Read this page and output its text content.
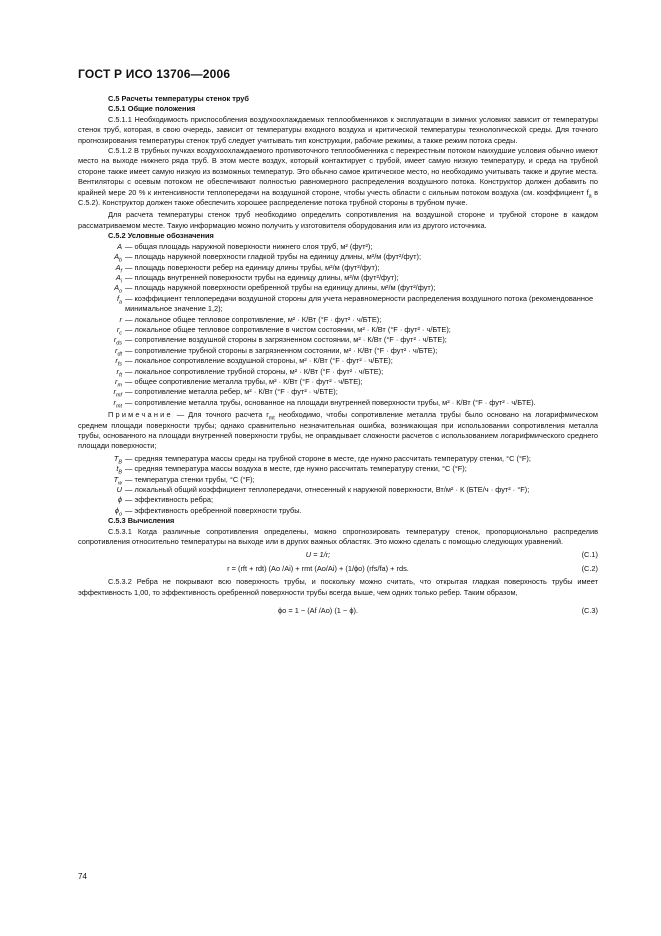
ГОСТ Р ИСО 13706—2006
С.5 Расчеты температуры стенок труб
С.5.1 Общие положения

С.5.1.1 Необходимость приспособления воздухоохлаждаемых теплообменников к эксплуатации в зимних условиях зависит от температуры стенок труб, которая, в свою очередь, зависит от температуры входного воздуха и критической температуры технологической среды. Для точного прогнозирования температуры стенок труб следует учитывать тип конструкции, рабочие режимы, а также режим потока среды.

С.5.1.2 В трубных пучках воздухоохлаждаемого противоточного теплообменника с перекрестным потоком наихудшие условия обычно имеют место на выходе нижнего ряда труб. В этом месте воздух, который контактирует с трубой, имеет самую низкую температуру, и среда на трубной стороне также имеет самую низкую из возможных температур. Это обычно самое критическое место, но необходимо учитывать также и другие места. Вентиляторы с осевым потоком не обеспечивают полностью равномерного распределения воздушного потока. Конструктор должен добавить по крайней мере 20 % к интенсивности теплопередачи на воздушной стороне, чтобы учесть области с сильным потоком воздуха (см. коэффициент $f_a$ в С.5.2). Конструктор должен также обеспечить хорошее распределение потока трубной стороны в трубном пучке.

Для расчета температуры стенок труб необходимо определить сопротивления на воздушной стороне и трубной стороне в каждом рассматриваемом месте. Такую информацию можно получить у изготовителя оборудования или из другого источника.

С.5.2 Условные обозначения
A — общая площадь наружной поверхности нижнего слоя труб, м² (фут²);
$A_b$ — площадь наружной поверхности гладкой трубы на единицу длины, м²/м (фут²/фут);
$A_f$ — площадь поверхности ребер на единицу длины трубы, м²/м (фут²/фут);
$A_i$ — площадь внутренней поверхности трубы на единицу длины, м²/м (фут²/фут);
$A_o$ — площадь наружной поверхности оребренной трубы на единицу длины, м²/м (фут²/фут);
$f_a$ — коэффициент теплопередачи воздушной стороны для учета неравномерности распределения воздушного потока (рекомендованное минимальное значение 1,2);
r — локальное общее тепловое сопротивление, м² · К/Вт (°F · фут² · ч/БТЕ);
$r_c$ — локальное общее тепловое сопротивление в чистом состоянии, м² · К/Вт (°F · фут² · ч/БТЕ);
$r_{ds}$ — сопротивление воздушной стороны в загрязненном состоянии, м² · К/Вт (°F · фут² · ч/БТЕ);
$r_{dt}$ — сопротивление трубной стороны в загрязненном состоянии, м² · К/Вт (°F · фут² · ч/БТЕ);
$r_{fs}$ — локальное сопротивление воздушной стороны, м² · К/Вт (°F · фут² · ч/БТЕ);
$r_{ft}$ — локальное сопротивление трубной стороны, м² · К/Вт (°F · фут² · ч/БТЕ);
$r_m$ — общее сопротивление металла трубы, м² · К/Вт (°F · фут² · ч/БТЕ);
$r_{mf}$ — сопротивление металла ребер, м² · К/Вт (°F · фут² · ч/БТЕ);
$r_{mt}$ — сопротивление металла трубы, основанное на площади внутренней поверхности трубы, м² · К/Вт (°F · фут² · ч/БТЕ).

Примечание — Для точного расчета $r_{mt}$ необходимо, чтобы сопротивление металла трубы было основано на логарифмическом среднем площади поверхности трубы; однако сравнительно незначительная ошибка, возникающая при использовании сопротивления металла трубы, основанного на площади внутренней поверхности трубы, не оправдывает сложности расчетов с использованием логарифмического среднего площади поверхности;

$T_B$ — средняя температура массы среды на трубной стороне в месте, где нужно рассчитать температуру стенки, °C (°F);
$t_B$ — средняя температура массы воздуха в месте, где нужно рассчитать температуру стенки, °C (°F);
$T_w$ — температура стенки трубы, °C (°F);
U — локальный общий коэффициент теплопередачи, отнесенный к наружной поверхности, Вт/м² · К (БТЕ/ч · фут² · °F);
ϕ — эффективность ребра;
$\phi_o$ — эффективность оребренной поверхности трубы.
С.5.3 Вычисления

С.5.3.1 Когда различные сопротивления определены, можно спрогнозировать температуру стенок, пропорционально распределив сопротивления относительно температуры на выходе или в других важных областях. Это можно сделать с помощью следующих уравнений.

U = 1/r;	(C.1)
r = (rft + rdt) (Ao /Ai) + rmt (Ao/Ai) + (1/ϕo) (rfs/fa) + rds.	(C.2)

С.5.3.2 Ребра не покрывают всю поверхность трубы, и поскольку можно считать, что открытая гладкая поверхность трубы имеет эффективность 1,00, то эффективность оребренной поверхности трубы всегда выше, чем одних только ребер. Таким образом,

ϕo = 1 − (Af /Ao) (1 − ϕ).	(C.3)
74
